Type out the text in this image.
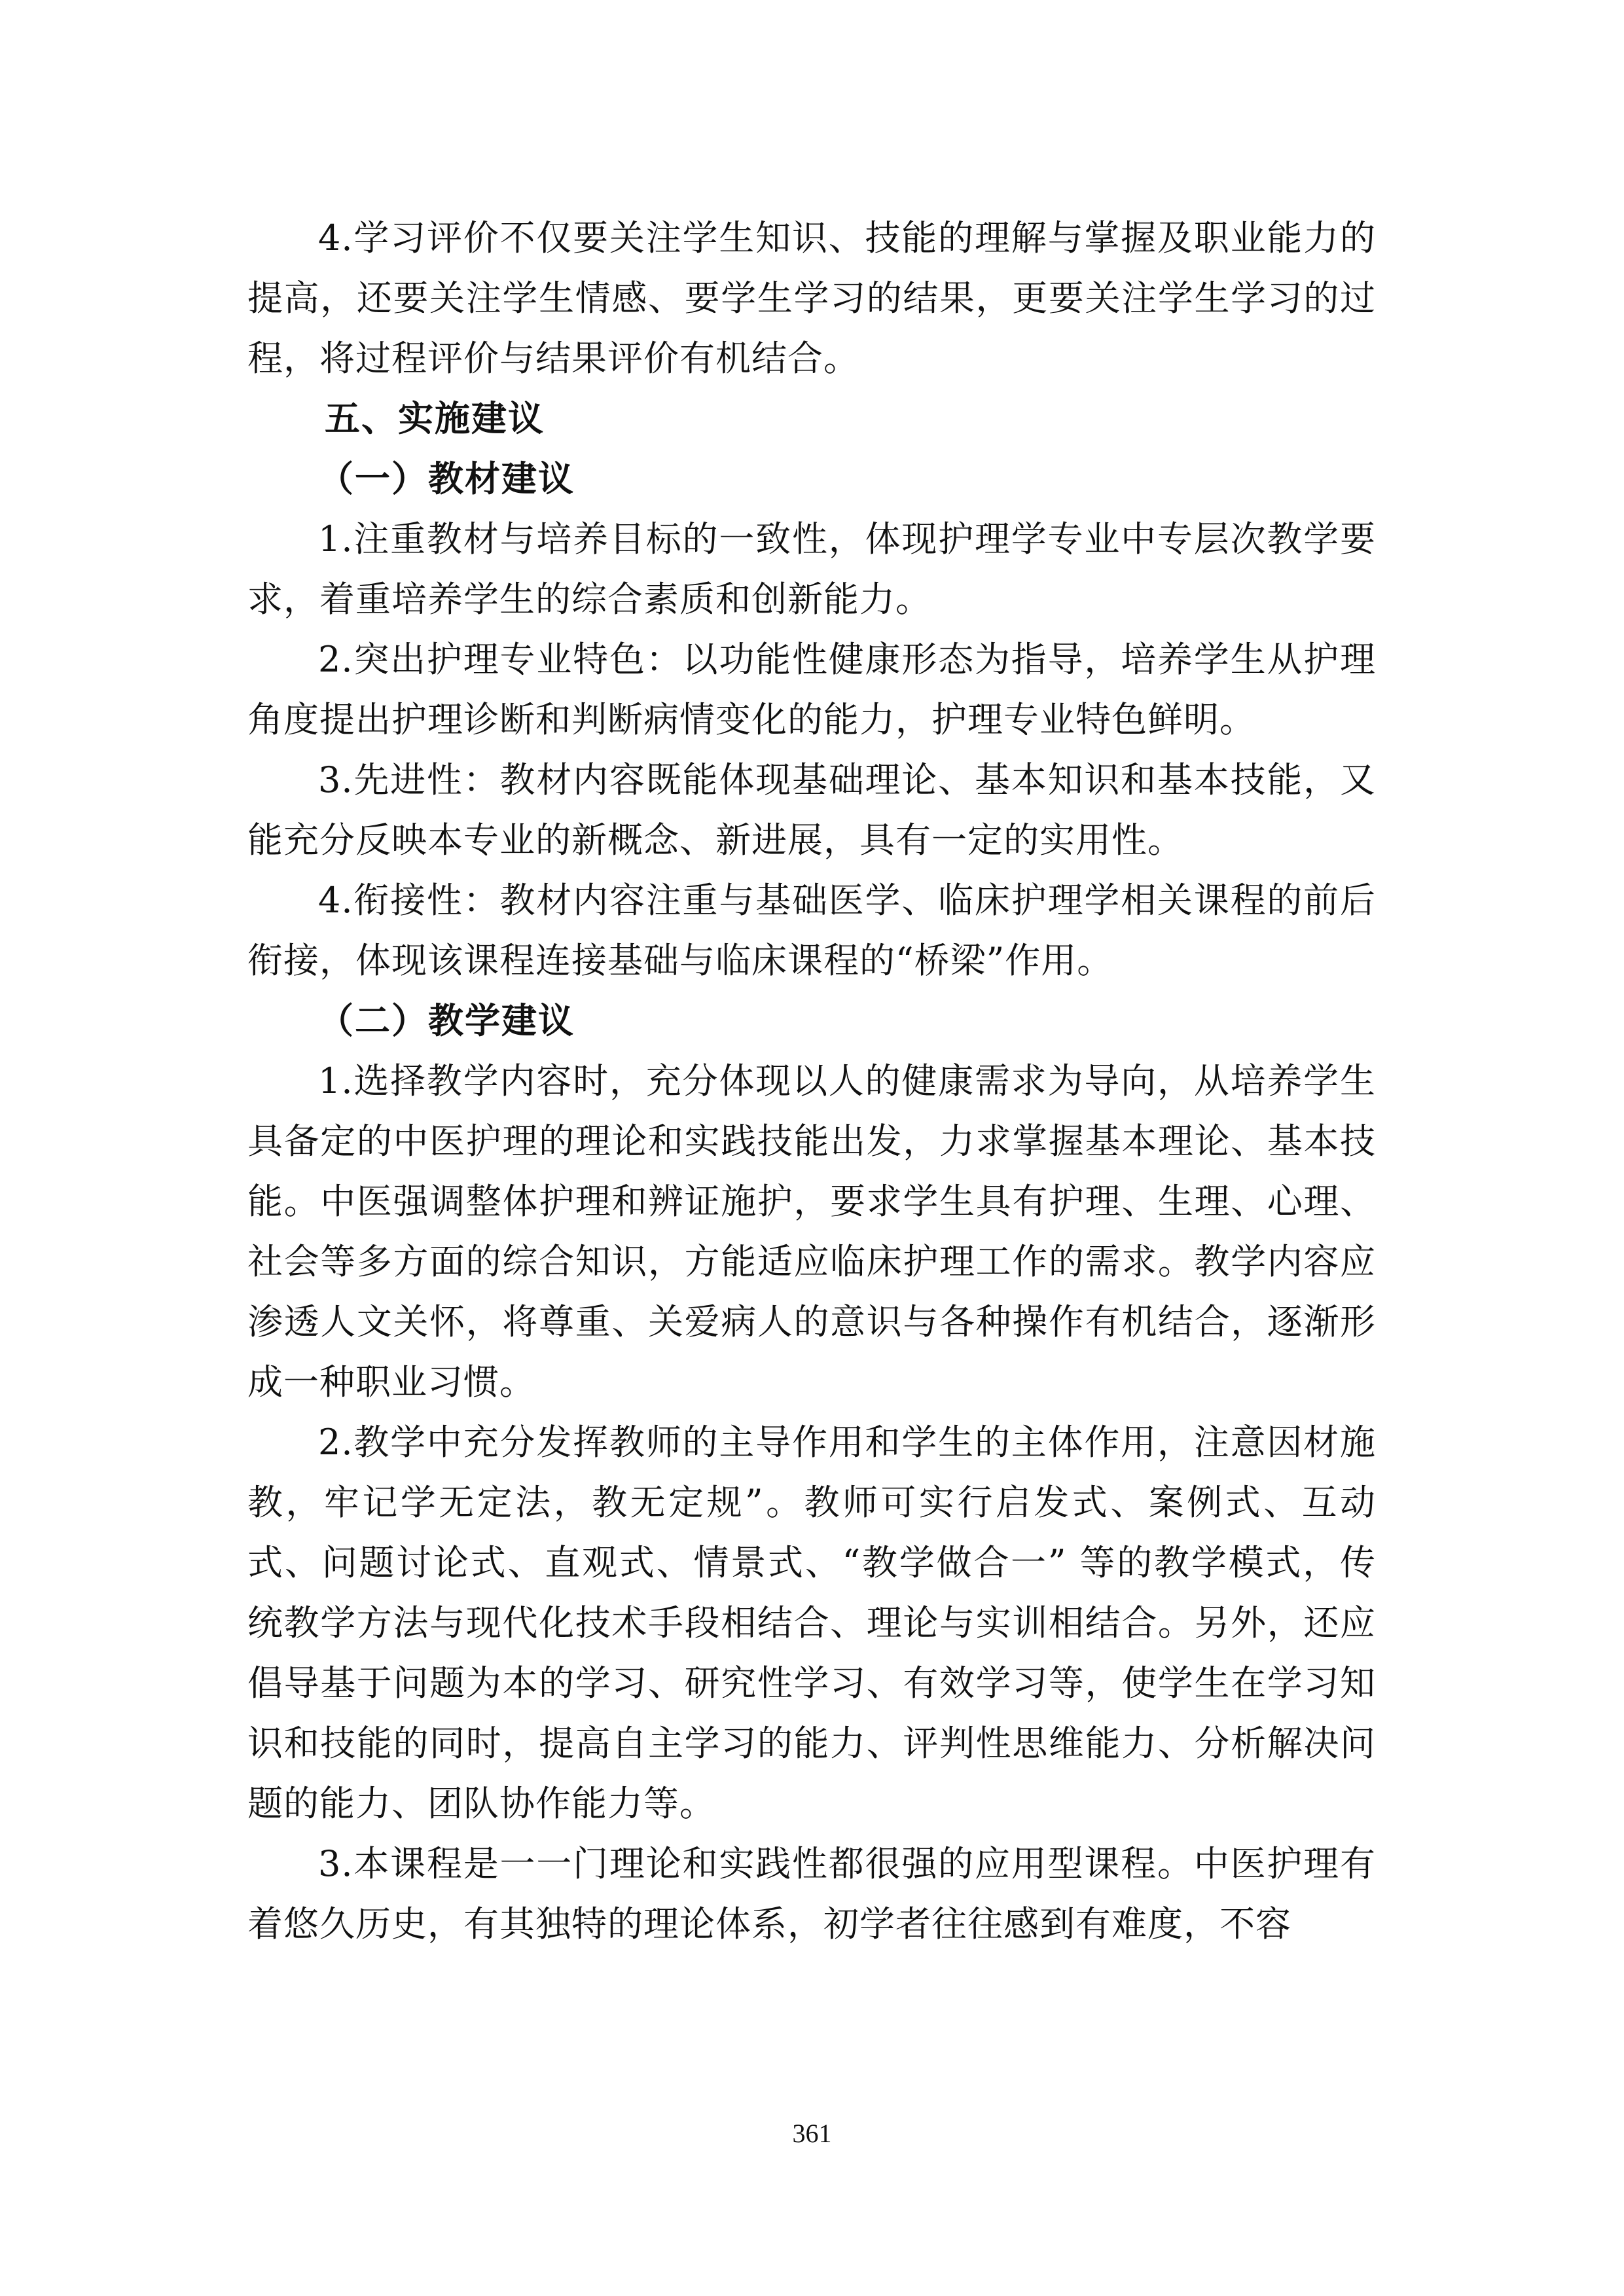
4.学习评价不仅要关注学生知识、技能的理解与掌握及职业能力的提高，还要关注学生情感、要学生学习的结果，更要关注学生学习的过程，将过程评价与结果评价有机结合。

五、实施建议

（一）教材建议

1.注重教材与培养目标的一致性，体现护理学专业中专层次教学要求，着重培养学生的综合素质和创新能力。

2.突出护理专业特色：以功能性健康形态为指导，培养学生从护理角度提出护理诊断和判断病情变化的能力，护理专业特色鲜明。

3.先进性：教材内容既能体现基础理论、基本知识和基本技能，又能充分反映本专业的新概念、新进展，具有一定的实用性。

4.衔接性：教材内容注重与基础医学、临床护理学相关课程的前后衔接，体现该课程连接基础与临床课程的“桥梁”作用。

（二）教学建议

1.选择教学内容时，充分体现以人的健康需求为导向，从培养学生具备定的中医护理的理论和实践技能出发，力求掌握基本理论、基本技能。中医强调整体护理和辨证施护，要求学生具有护理、生理、心理、社会等多方面的综合知识，方能适应临床护理工作的需求。教学内容应渗透人文关怀，将尊重、关爱病人的意识与各种操作有机结合，逐渐形成一种职业习惯。

2.教学中充分发挥教师的主导作用和学生的主体作用，注意因材施教，牢记学无定法，教无定规”。教师可实行启发式、案例式、互动式、问题讨论式、直观式、情景式、“教学做合一” 等的教学模式，传统教学方法与现代化技术手段相结合、理论与实训相结合。另外，还应倡导基于问题为本的学习、研究性学习、有效学习等，使学生在学习知识和技能的同时，提高自主学习的能力、评判性思维能力、分析解决问题的能力、团队协作能力等。

3.本课程是一一门理论和实践性都很强的应用型课程。中医护理有着悠久历史，有其独特的理论体系，初学者往往感到有难度，不容

361
